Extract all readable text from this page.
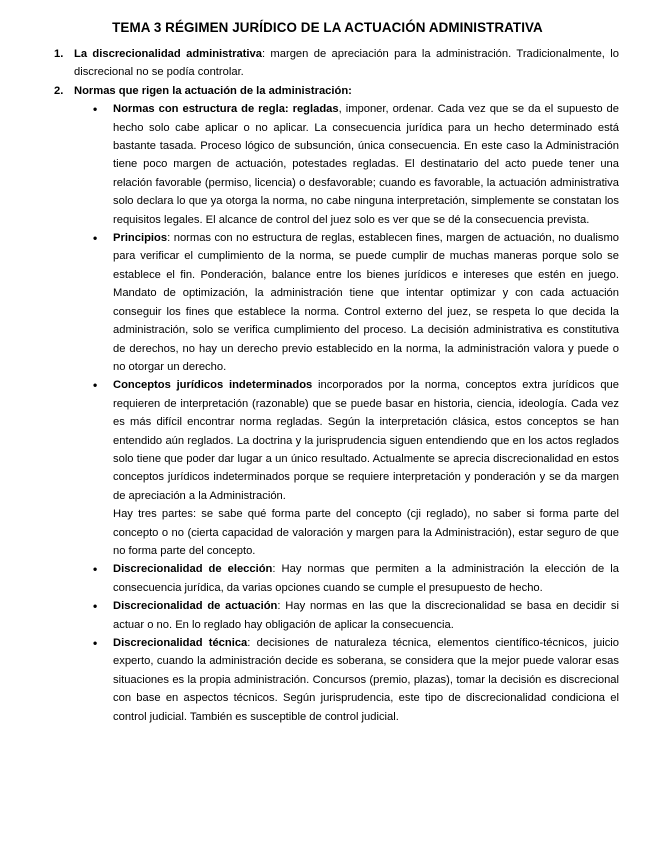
TEMA 3 RÉGIMEN JURÍDICO DE LA ACTUACIÓN ADMINISTRATIVA
1. La discrecionalidad administrativa: margen de apreciación para la administración. Tradicionalmente, lo discrecional no se podía controlar.
2. Normas que rigen la actuación de la administración:
• Normas con estructura de regla: regladas, imponer, ordenar. Cada vez que se da el supuesto de hecho solo cabe aplicar o no aplicar. La consecuencia jurídica para un hecho determinado está bastante tasada. Proceso lógico de subsunción, única consecuencia. En este caso la Administración tiene poco margen de actuación, potestades regladas. El destinatario del acto puede tener una relación favorable (permiso, licencia) o desfavorable; cuando es favorable, la actuación administrativa solo declara lo que ya otorga la norma, no cabe ninguna interpretación, simplemente se constatan los requisitos legales. El alcance de control del juez solo es ver que se dé la consecuencia prevista.
• Principios: normas con no estructura de reglas, establecen fines, margen de actuación, no dualismo para verificar el cumplimiento de la norma, se puede cumplir de muchas maneras porque solo se establece el fin. Ponderación, balance entre los bienes jurídicos e intereses que estén en juego. Mandato de optimización, la administración tiene que intentar optimizar y con cada actuación conseguir los fines que establece la norma. Control externo del juez, se respeta lo que decida la administración, solo se verifica cumplimiento del proceso. La decisión administrativa es constitutiva de derechos, no hay un derecho previo establecido en la norma, la administración valora y puede o no otorgar un derecho.
• Conceptos jurídicos indeterminados incorporados por la norma, conceptos extra jurídicos que requieren de interpretación (razonable) que se puede basar en historia, ciencia, ideología. Cada vez es más difícil encontrar norma regladas. Según la interpretación clásica, estos conceptos se han entendido aún reglados. La doctrina y la jurisprudencia siguen entendiendo que en los actos reglados solo tiene que poder dar lugar a un único resultado. Actualmente se aprecia discrecionalidad en estos conceptos jurídicos indeterminados porque se requiere interpretación y ponderación y se da margen de apreciación a la Administración.

Hay tres partes: se sabe qué forma parte del concepto (cji reglado), no saber si forma parte del concepto o no (cierta capacidad de valoración y margen para la Administración), estar seguro de que no forma parte del concepto.

• Discrecionalidad de elección: Hay normas que permiten a la administración la elección de la consecuencia jurídica, da varias opciones cuando se cumple el presupuesto de hecho.
• Discrecionalidad de actuación: Hay normas en las que la discrecionalidad se basa en decidir si actuar o no. En lo reglado hay obligación de aplicar la consecuencia.
• Discrecionalidad técnica: decisiones de naturaleza técnica, elementos científico-técnicos, juicio experto, cuando la administración decide es soberana, se considera que la mejor puede valorar esas situaciones es la propia administración. Concursos (premio, plazas), tomar la decisión es discrecional con base en aspectos técnicos. Según jurisprudencia, este tipo de discrecionalidad condiciona el control judicial. También es susceptible de control judicial.
